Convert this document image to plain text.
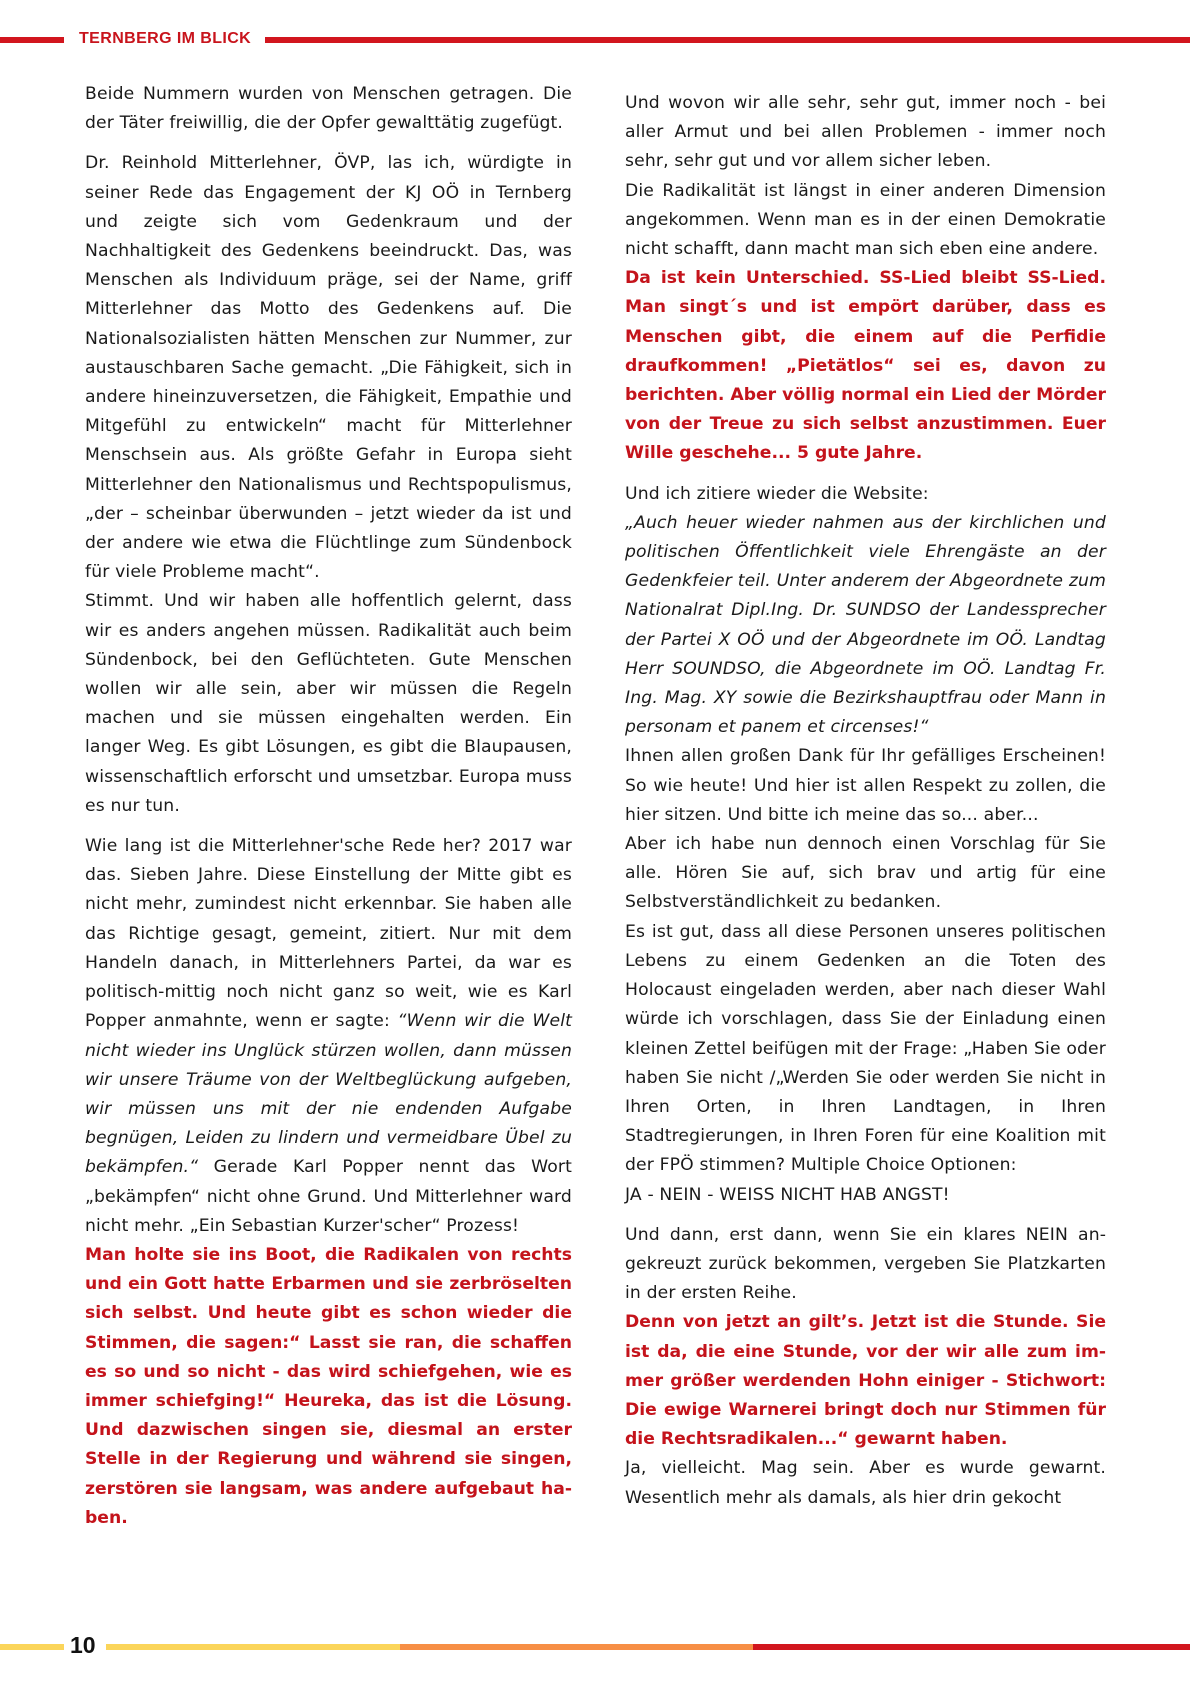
TERNBERG IM BLICK

Beide Nummern wurden von Menschen getragen. Die der Täter freiwillig, die der Opfer gewalttätig zugefügt.

Dr. Reinhold Mitterlehner, ÖVP, las ich, würdigte in seiner Rede das Engagement der KJ OÖ in Ternberg und zeigte sich vom Gedenkraum und der Nachhaltigkeit des Gedenkens beeindruckt. Das, was Menschen als Individuum präge, sei der Name, griff Mitterlehner das Motto des Gedenkens auf. Die Nationalsozialisten hätten Menschen zur Nummer, zur austauschbaren Sache gemacht. „Die Fähigkeit, sich in andere hineinzuversetzen, die Fähigkeit, Empathie und Mitgefühl zu entwickeln“ macht für Mitterlehner Menschsein aus. Als größte Gefahr in Europa sieht Mitterlehner den Nationalismus und Rechtspopulismus, „der – scheinbar überwunden – jetzt wieder da ist und der andere wie etwa die Flüchtlinge zum Sündenbock für viele Probleme macht“.

Stimmt. Und wir haben alle hoffentlich gelernt, dass wir es anders angehen müssen. Radikalität auch beim Sündenbock, bei den Geflüchteten. Gute Menschen wollen wir alle sein, aber wir müssen die Regeln machen und sie müssen eingehalten werden. Ein langer Weg. Es gibt Lösungen, es gibt die Blaupausen, wissenschaftlich erforscht und umsetzbar. Europa muss es nur tun.

Wie lang ist die Mitterlehner'sche Rede her? 2017 war das. Sieben Jahre. Diese Einstellung der Mitte gibt es nicht mehr, zumindest nicht erkennbar. Sie haben alle das Richtige gesagt, gemeint, zitiert. Nur mit dem Handeln danach, in Mitterlehners Partei, da war es politisch-mittig noch nicht ganz so weit, wie es Karl Popper anmahnte, wenn er sagte: “Wenn wir die Welt nicht wieder ins Unglück stürzen wollen, dann müssen wir unsere Träume von der Weltbeglückung aufgeben, wir müssen uns mit der nie endenden Aufgabe begnügen, Leiden zu lindern und vermeidbare Übel zu bekämpfen.“ Gerade Karl Popper nennt das Wort „bekämpfen“ nicht ohne Grund. Und Mitterlehner ward nicht mehr. „Ein Sebastian Kurzer'scher“ Prozess!

Man holte sie ins Boot, die Radikalen von rechts und ein Gott hatte Erbarmen und sie zerbröselten sich selbst. Und heute gibt es schon wieder die Stimmen, die sagen:“ Lasst sie ran, die schaffen es so und so nicht - das wird schiefgehen, wie es immer schiefging!“ Heureka, das ist die Lösung. Und dazwischen singen sie, diesmal an erster Stelle in der Regierung und während sie singen, zerstören sie langsam, was andere aufgebaut haben.

Und wovon wir alle sehr, sehr gut, immer noch - bei aller Armut und bei allen Problemen - immer noch sehr, sehr gut und vor allem sicher leben.

Die Radikalität ist längst in einer anderen Dimension angekommen. Wenn man es in der einen Demokratie nicht schafft, dann macht man sich eben eine andere.

Da ist kein Unterschied. SS-Lied bleibt SS-Lied. Man singt´s und ist empört darüber, dass es Menschen gibt, die einem auf die Perfidie draufkommen! „Pietätlos“ sei es, davon zu berichten. Aber völlig normal ein Lied der Mörder von der Treue zu sich selbst anzustimmen. Euer Wille geschehe... 5 gute Jahre.

Und ich zitiere wieder die Website:

„Auch heuer wieder nahmen aus der kirchlichen und politischen Öffentlichkeit viele Ehrengäste an der Gedenkfeier teil. Unter anderem der Abgeordnete zum Nationalrat Dipl.Ing. Dr. SUNDSO der Landessprecher der Partei X OÖ und der Abgeordnete im OÖ. Landtag Herr SOUNDSO, die Abgeordnete im OÖ. Landtag Fr. Ing. Mag. XY sowie die Bezirkshauptfrau oder Mann in personam et panem et circenses!“

Ihnen allen großen Dank für Ihr gefälliges Erscheinen! So wie heute! Und hier ist allen Respekt zu zollen, die hier sitzen. Und bitte ich meine das so... aber...

Aber ich habe nun dennoch einen Vorschlag für Sie alle. Hören Sie auf, sich brav und artig für eine Selbstverständlichkeit zu bedanken.

Es ist gut, dass all diese Personen unseres politischen Lebens zu einem Gedenken an die Toten des Holocaust eingeladen werden, aber nach dieser Wahl würde ich vorschlagen, dass Sie der Einladung einen kleinen Zettel beifügen mit der Frage: „Haben Sie oder haben Sie nicht /„Werden Sie oder werden Sie nicht in Ihren Orten, in Ihren Landtagen, in Ihren Stadtregierungen, in Ihren Foren für eine Koalition mit der FPÖ stimmen? Multiple Choice Optionen:

JA - NEIN - WEISS NICHT HAB ANGST!

Und dann, erst dann, wenn Sie ein klares NEIN angekreuzt zurück bekommen, vergeben Sie Platzkarten in der ersten Reihe.

Denn von jetzt an gilt’s. Jetzt ist die Stunde. Sie ist da, die eine Stunde, vor der wir alle zum immer größer werdenden Hohn einiger - Stichwort: Die ewige Warnerei bringt doch nur Stimmen für die Rechtsradikalen...“ gewarnt haben.

Ja, vielleicht. Mag sein. Aber es wurde gewarnt. Wesentlich mehr als damals, als hier drin gekocht

10
